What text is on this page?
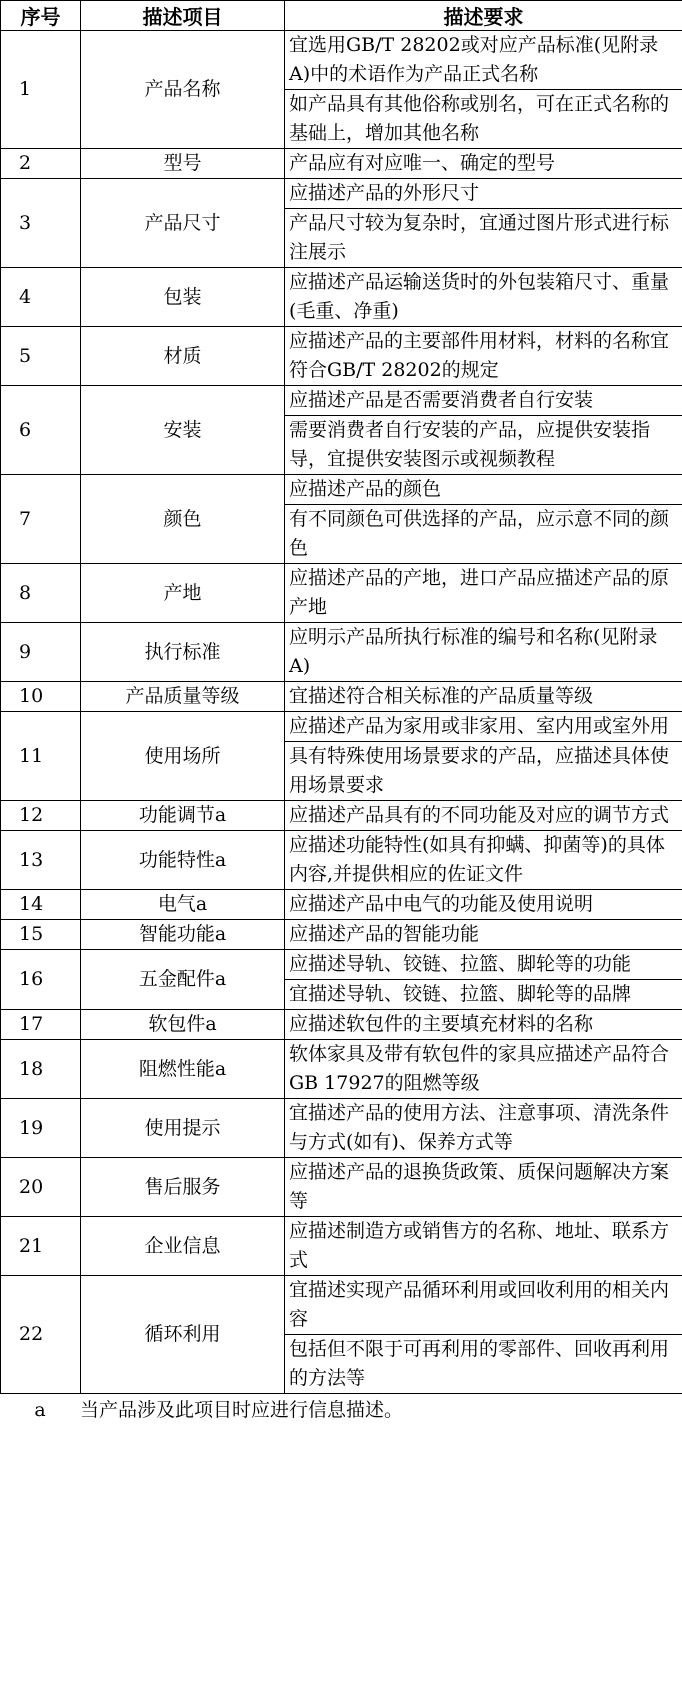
序号	描述项目	描述要求
1	产品名称	宜选用GB/T 28202或对应产品标准(见附录A)中的术语作为产品正式名称
		如产品具有其他俗称或别名，可在正式名称的基础上，增加其他名称
2	型号	产品应有对应唯一、确定的型号
3	产品尺寸	应描述产品的外形尺寸
		产品尺寸较为复杂时，宜通过图片形式进行标注展示
4	包装	应描述产品运输送货时的外包装箱尺寸、重量(毛重、净重)
5	材质	应描述产品的主要部件用材料，材料的名称宜符合GB/T 28202的规定
6	安装	应描述产品是否需要消费者自行安装
		需要消费者自行安装的产品，应提供安装指导，宜提供安装图示或视频教程
7	颜色	应描述产品的颜色
		有不同颜色可供选择的产品，应示意不同的颜色
8	产地	应描述产品的产地，进口产品应描述产品的原产地
9	执行标准	应明示产品所执行标准的编号和名称(见附录A)
10	产品质量等级	宜描述符合相关标准的产品质量等级
11	使用场所	应描述产品为家用或非家用、室内用或室外用
		具有特殊使用场景要求的产品，应描述具体使用场景要求
12	功能调节a	应描述产品具有的不同功能及对应的调节方式
13	功能特性a	应描述功能特性(如具有抑螨、抑菌等)的具体内容,并提供相应的佐证文件
14	电气a	应描述产品中电气的功能及使用说明
15	智能功能a	应描述产品的智能功能
16	五金配件a	应描述导轨、铰链、拉篮、脚轮等的功能
		宜描述导轨、铰链、拉篮、脚轮等的品牌
17	软包件a	应描述软包件的主要填充材料的名称
18	阻燃性能a	软体家具及带有软包件的家具应描述产品符合GB 17927的阻燃等级
19	使用提示	宜描述产品的使用方法、注意事项、清洗条件与方式(如有)、保养方式等
20	售后服务	应描述产品的退换货政策、质保问题解决方案等
21	企业信息	应描述制造方或销售方的名称、地址、联系方式
22	循环利用	宜描述实现产品循环利用或回收利用的相关内容
		包括但不限于可再利用的零部件、回收再利用的方法等
a 当产品涉及此项目时应进行信息描述。
